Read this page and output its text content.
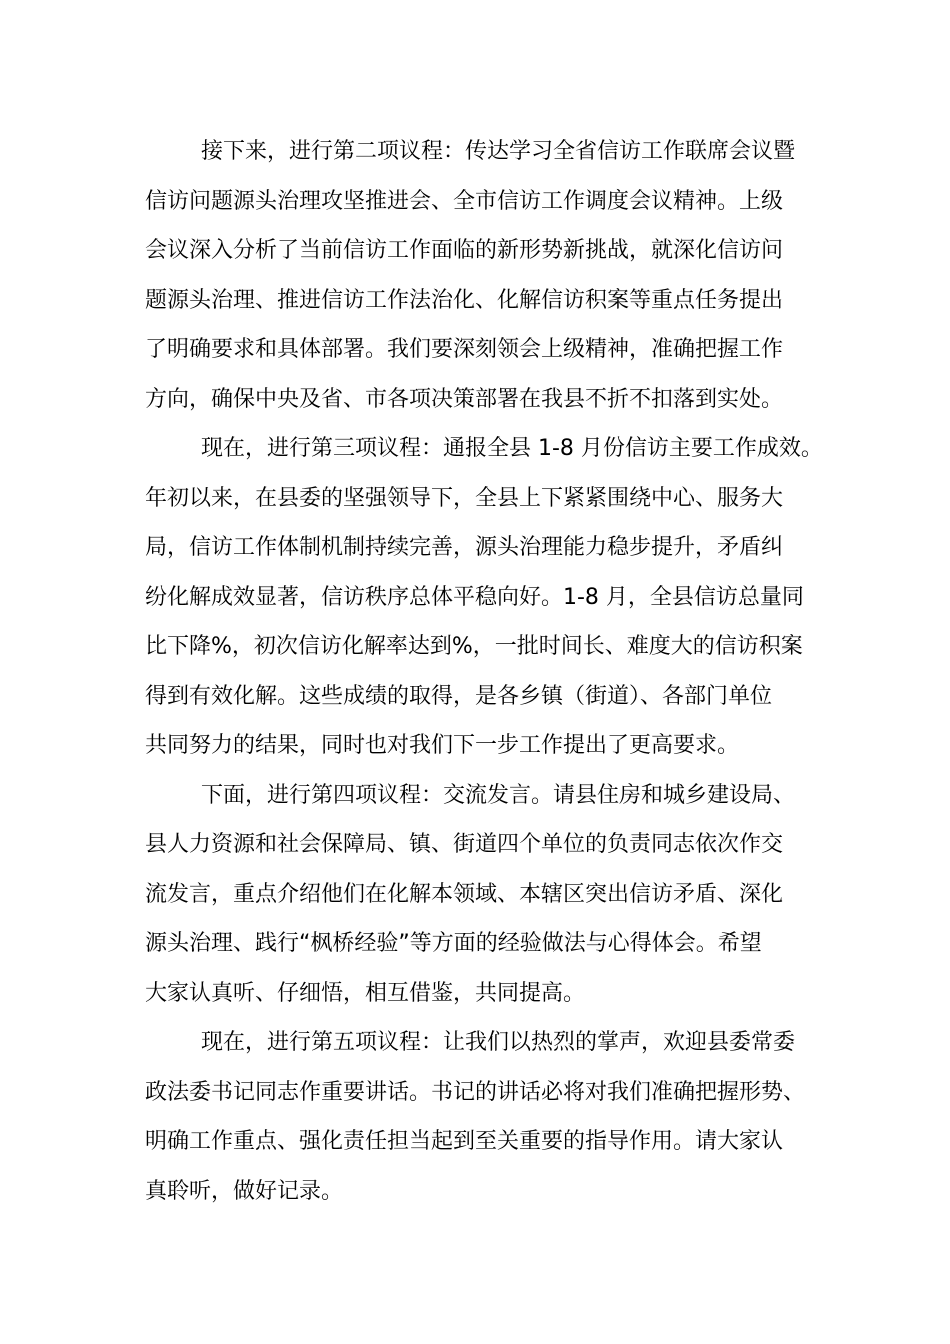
接下来，进行第二项议程：传达学习全省信访工作联席会议暨
信访问题源头治理攻坚推进会、全市信访工作调度会议精神。上级
会议深入分析了当前信访工作面临的新形势新挑战，就深化信访问
题源头治理、推进信访工作法治化、化解信访积案等重点任务提出
了明确要求和具体部署。我们要深刻领会上级精神，准确把握工作
方向，确保中央及省、市各项决策部署在我县不折不扣落到实处。

现在，进行第三项议程：通报全县 1-8 月份信访主要工作成效。
年初以来，在县委的坚强领导下，全县上下紧紧围绕中心、服务大
局，信访工作体制机制持续完善，源头治理能力稳步提升，矛盾纠
纷化解成效显著，信访秩序总体平稳向好。1-8 月，全县信访总量同
比下降%，初次信访化解率达到%，一批时间长、难度大的信访积案
得到有效化解。这些成绩的取得，是各乡镇（街道）、各部门单位
共同努力的结果，同时也对我们下一步工作提出了更高要求。

下面，进行第四项议程：交流发言。请县住房和城乡建设局、
县人力资源和社会保障局、镇、街道四个单位的负责同志依次作交
流发言，重点介绍他们在化解本领域、本辖区突出信访矛盾、深化
源头治理、践行“枫桥经验”等方面的经验做法与心得体会。希望
大家认真听、仔细悟，相互借鉴，共同提高。

现在，进行第五项议程：让我们以热烈的掌声，欢迎县委常委
政法委书记同志作重要讲话。书记的讲话必将对我们准确把握形势、
明确工作重点、强化责任担当起到至关重要的指导作用。请大家认
真聆听，做好记录。
